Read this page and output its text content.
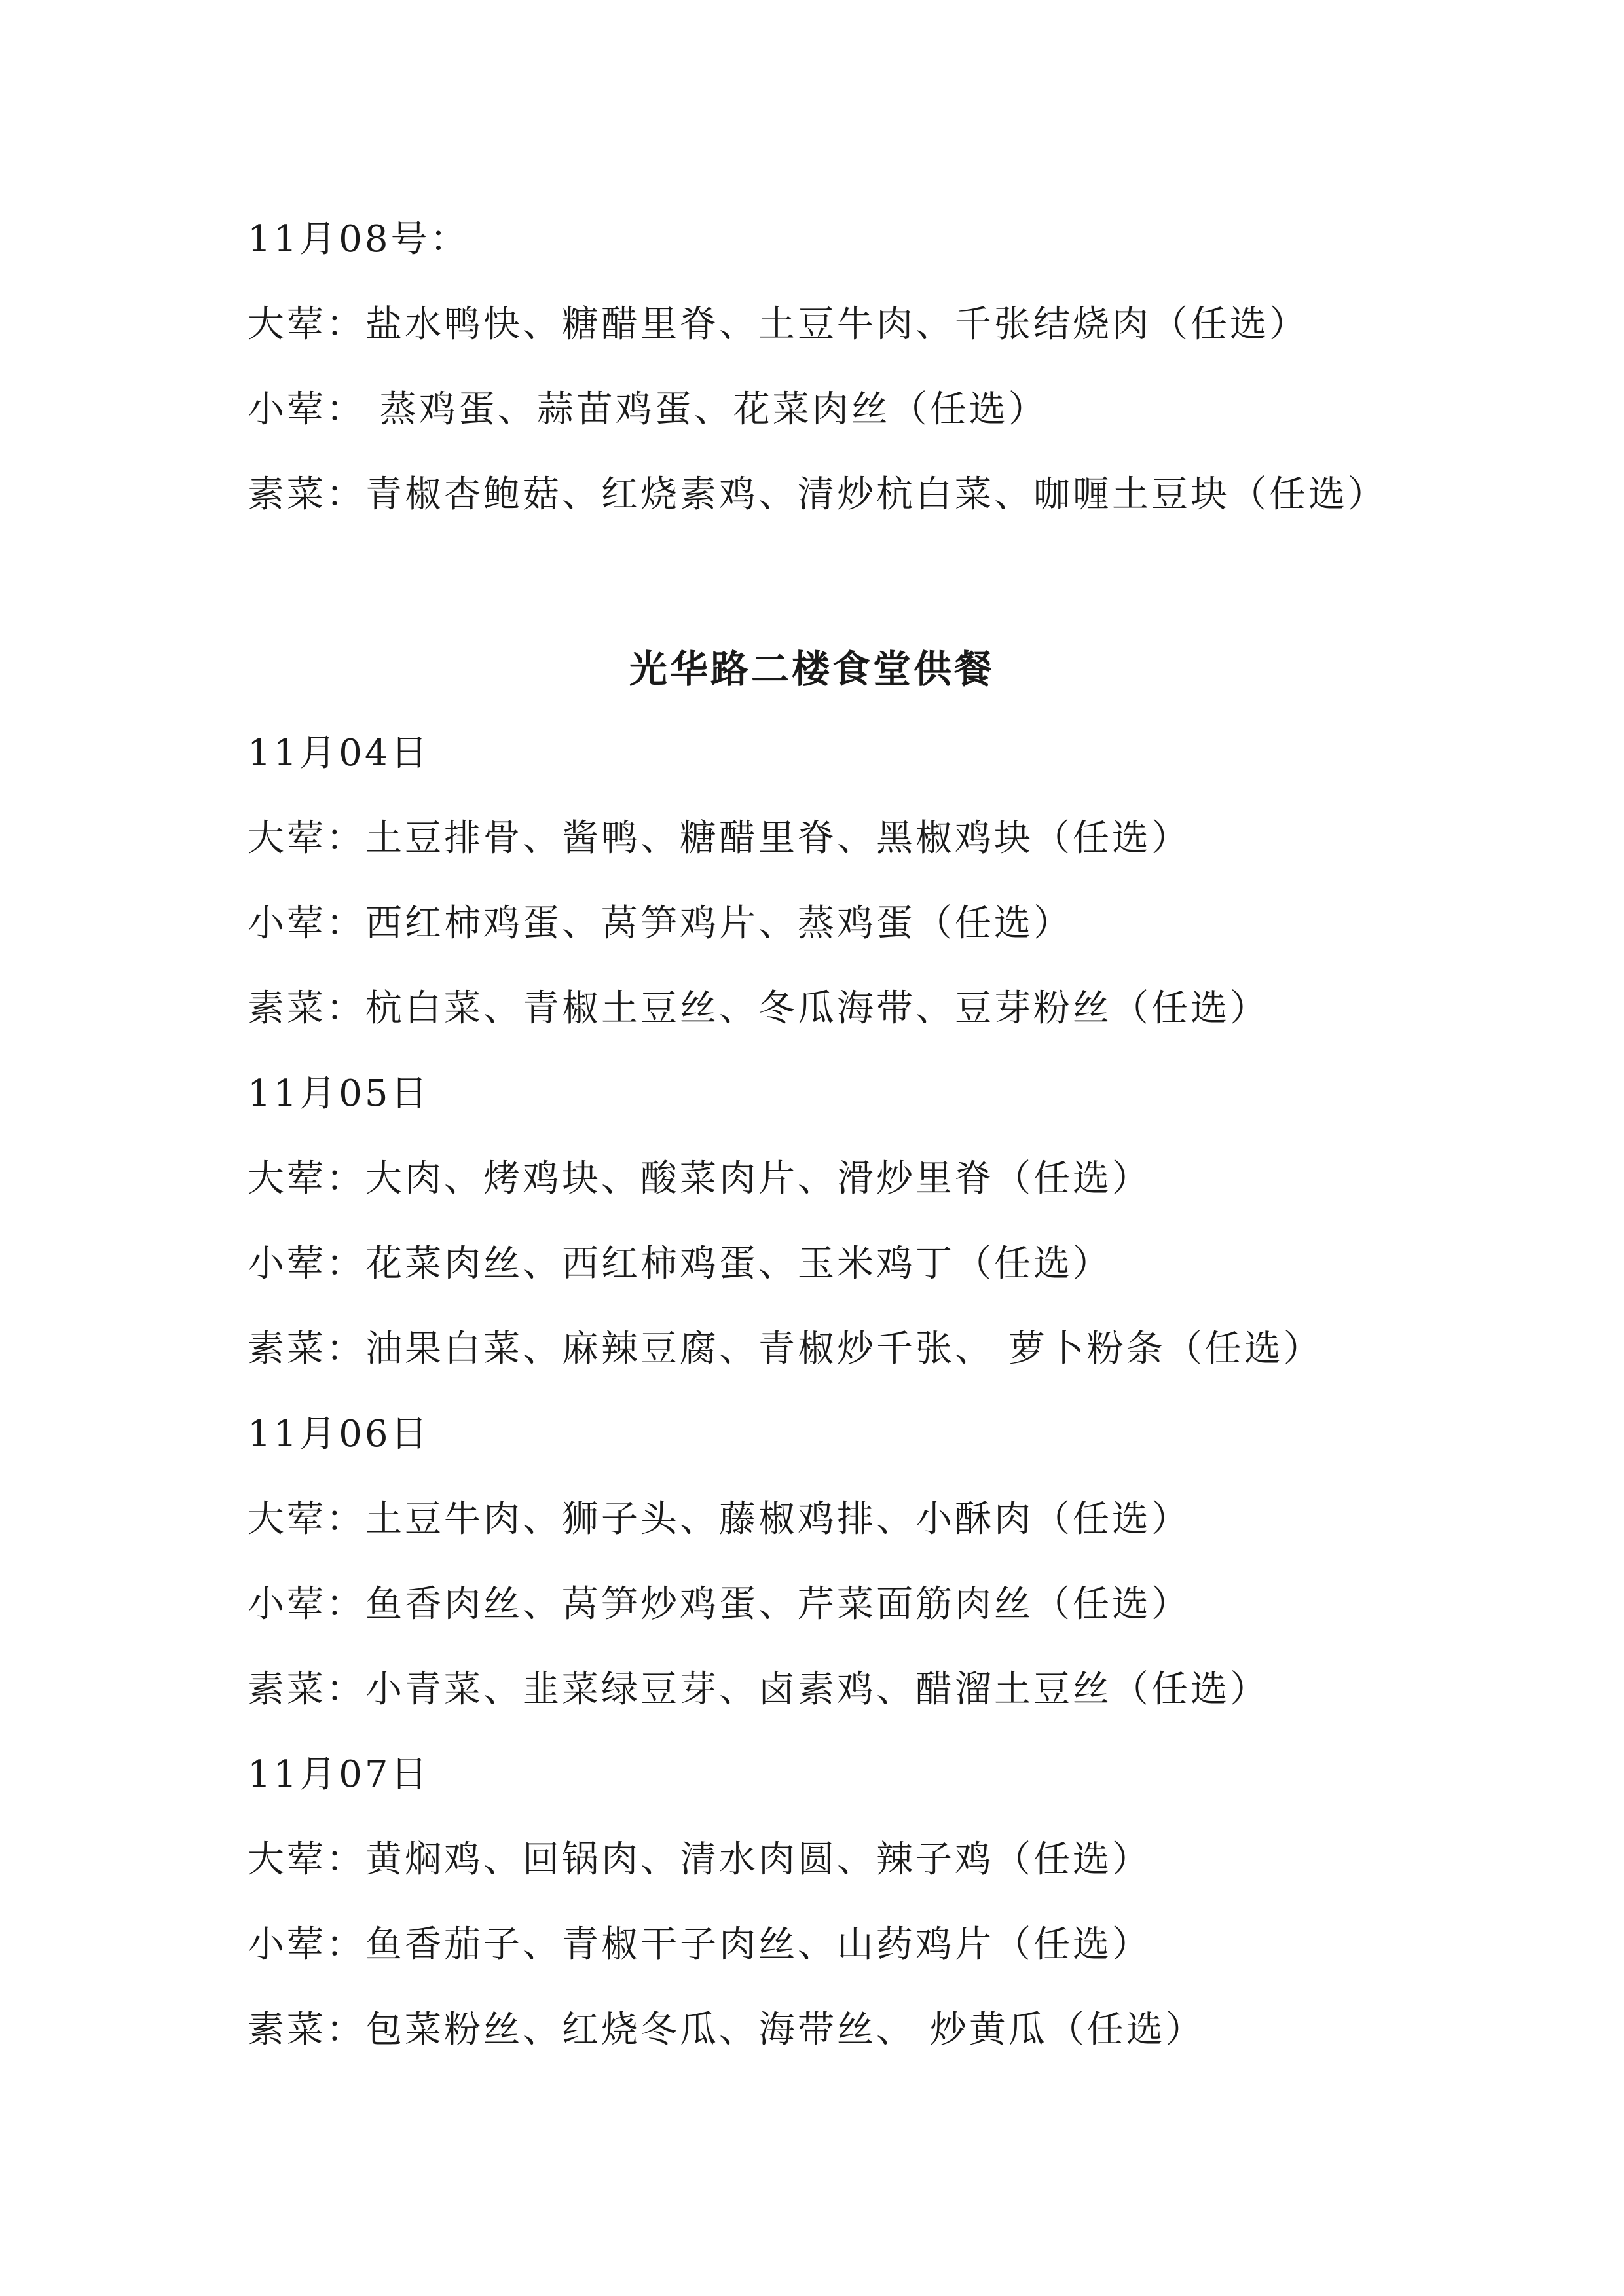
11月08号：
大荤：盐水鸭快、糖醋里脊、土豆牛肉、千张结烧肉（任选）
小荤： 蒸鸡蛋、蒜苗鸡蛋、花菜肉丝（任选）
素菜：青椒杏鲍菇、红烧素鸡、清炒杭白菜、咖喱土豆块（任选）
光华路二楼食堂供餐
11月04日
大荤：土豆排骨、酱鸭、糖醋里脊、黑椒鸡块（任选）
小荤：西红柿鸡蛋、莴笋鸡片、蒸鸡蛋（任选）
素菜：杭白菜、青椒土豆丝、冬瓜海带、豆芽粉丝（任选）
11月05日
大荤：大肉、烤鸡块、酸菜肉片、滑炒里脊（任选）
小荤：花菜肉丝、西红柿鸡蛋、玉米鸡丁（任选）
素菜：油果白菜、麻辣豆腐、青椒炒千张、 萝卜粉条（任选）
11月06日
大荤：土豆牛肉、狮子头、藤椒鸡排、小酥肉（任选）
小荤：鱼香肉丝、莴笋炒鸡蛋、芹菜面筋肉丝（任选）
素菜：小青菜、韭菜绿豆芽、卤素鸡、醋溜土豆丝（任选）
11月07日
大荤：黄焖鸡、回锅肉、清水肉圆、辣子鸡（任选）
小荤：鱼香茄子、青椒干子肉丝、山药鸡片（任选）
素菜：包菜粉丝、红烧冬瓜、海带丝、 炒黄瓜（任选）
